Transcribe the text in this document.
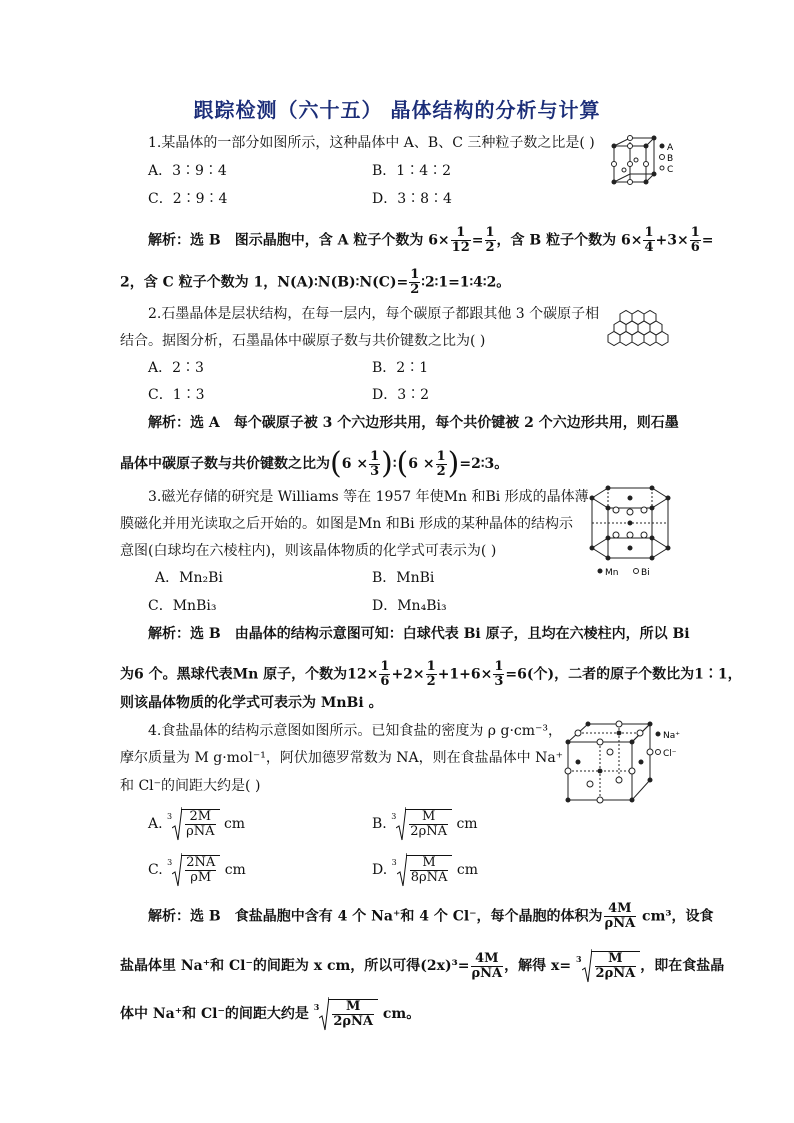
跟踪检测（六十五） 晶体结构的分析与计算
1.某晶体的一部分如图所示，这种晶体中 A、B、C 三种粒子数之比是( )
A．3∶9∶4	B．1∶4∶2
C．2∶9∶4	D．3∶8∶4
A
B
C
解析：选 B　图示晶胞中，含 A 粒子个数为 $6\times \frac{1}{12} = \frac{1}{2}$ ，含 B 粒子个数为 $6\times \frac{1}{4} +3\times \frac{1}{6}$ =
2，含 C 粒子个数为 1，N(A)∶N(B)∶N(C)= $\frac{1}{2}$ ∶2∶1=1∶4∶2。
2.石墨晶体是层状结构，在每一层内，每个碳原子都跟其他 3 个碳原子相
结合。据图分析，石墨晶体中碳原子数与共价键数之比为( )
A．2∶3	B．2∶1
C．1∶3	D．3∶2
解析：选 A　每个碳原子被 3 个六边形共用，每个共价键被 2 个六边形共用，则石墨
晶体中碳原子数与共价键数之比为($6 \times \frac{1}{3}$ )∶(6 × $\frac{1}{2}$ )=2∶3。
3.磁光存储的研究是 Williams 等在 1957 年使Mn 和Bi 形成的晶体薄
膜磁化并用光读取之后开始的。如图是Mn 和Bi 形成的某种晶体的结构示
意图(白球均在六棱柱内)，则该晶体物质的化学式可表示为( )
A．Mn₂Bi	B．MnBi
C．MnBi₃	D．Mn₄Bi₃
Mn	Bi
解析：选 B　由晶体的结构示意图可知：白球代表 Bi 原子，且均在六棱柱内，所以 Bi
为6 个。黑球代表Mn 原子，个数为$12\times \frac{1}{6} +2\times \frac{1}{2} +1+6\times \frac{1}{3} =6$(个)，二者的原子个数比为1∶1，
则该晶体物质的化学式可表示为 MnBi 。
4.食盐晶体的结构示意图如图所示。已知食盐的密度为 ρ g·cm⁻³，
摩尔质量为 M g·mol⁻¹，阿伏加德罗常数为 NA，则在食盐晶体中 Na⁺
和 Cl⁻的间距大约是( )
Na⁺
Cl⁻
A. $3 \frac{2M}{\text{ρNA}}$ cm	B. $3 \frac{M}{\text{2ρNA}}$ cm
C. $3 \frac{2NA}{\rho M}$ cm	D. $3 \frac{M}{\text{8ρNA}}$ cm
解析：选 B　食盐晶胞中含有 4 个 Na⁺和 4 个 Cl⁻，每个晶胞的体积为 $\frac{4M}{\text{ρNA}} cm^3$，设食
盐晶体里 Na⁺和 Cl⁻的间距为 x cm，所以可得$(2x)^3= \frac{4M}{\text{ρNA}}$ ，解得 $x= 3 \frac{M}{\text{2ρNA}}$ ，即在食盐晶
体中 Na⁺和 Cl⁻的间距大约是 $3 \frac{M}{\text{2ρNA}}$ cm。
